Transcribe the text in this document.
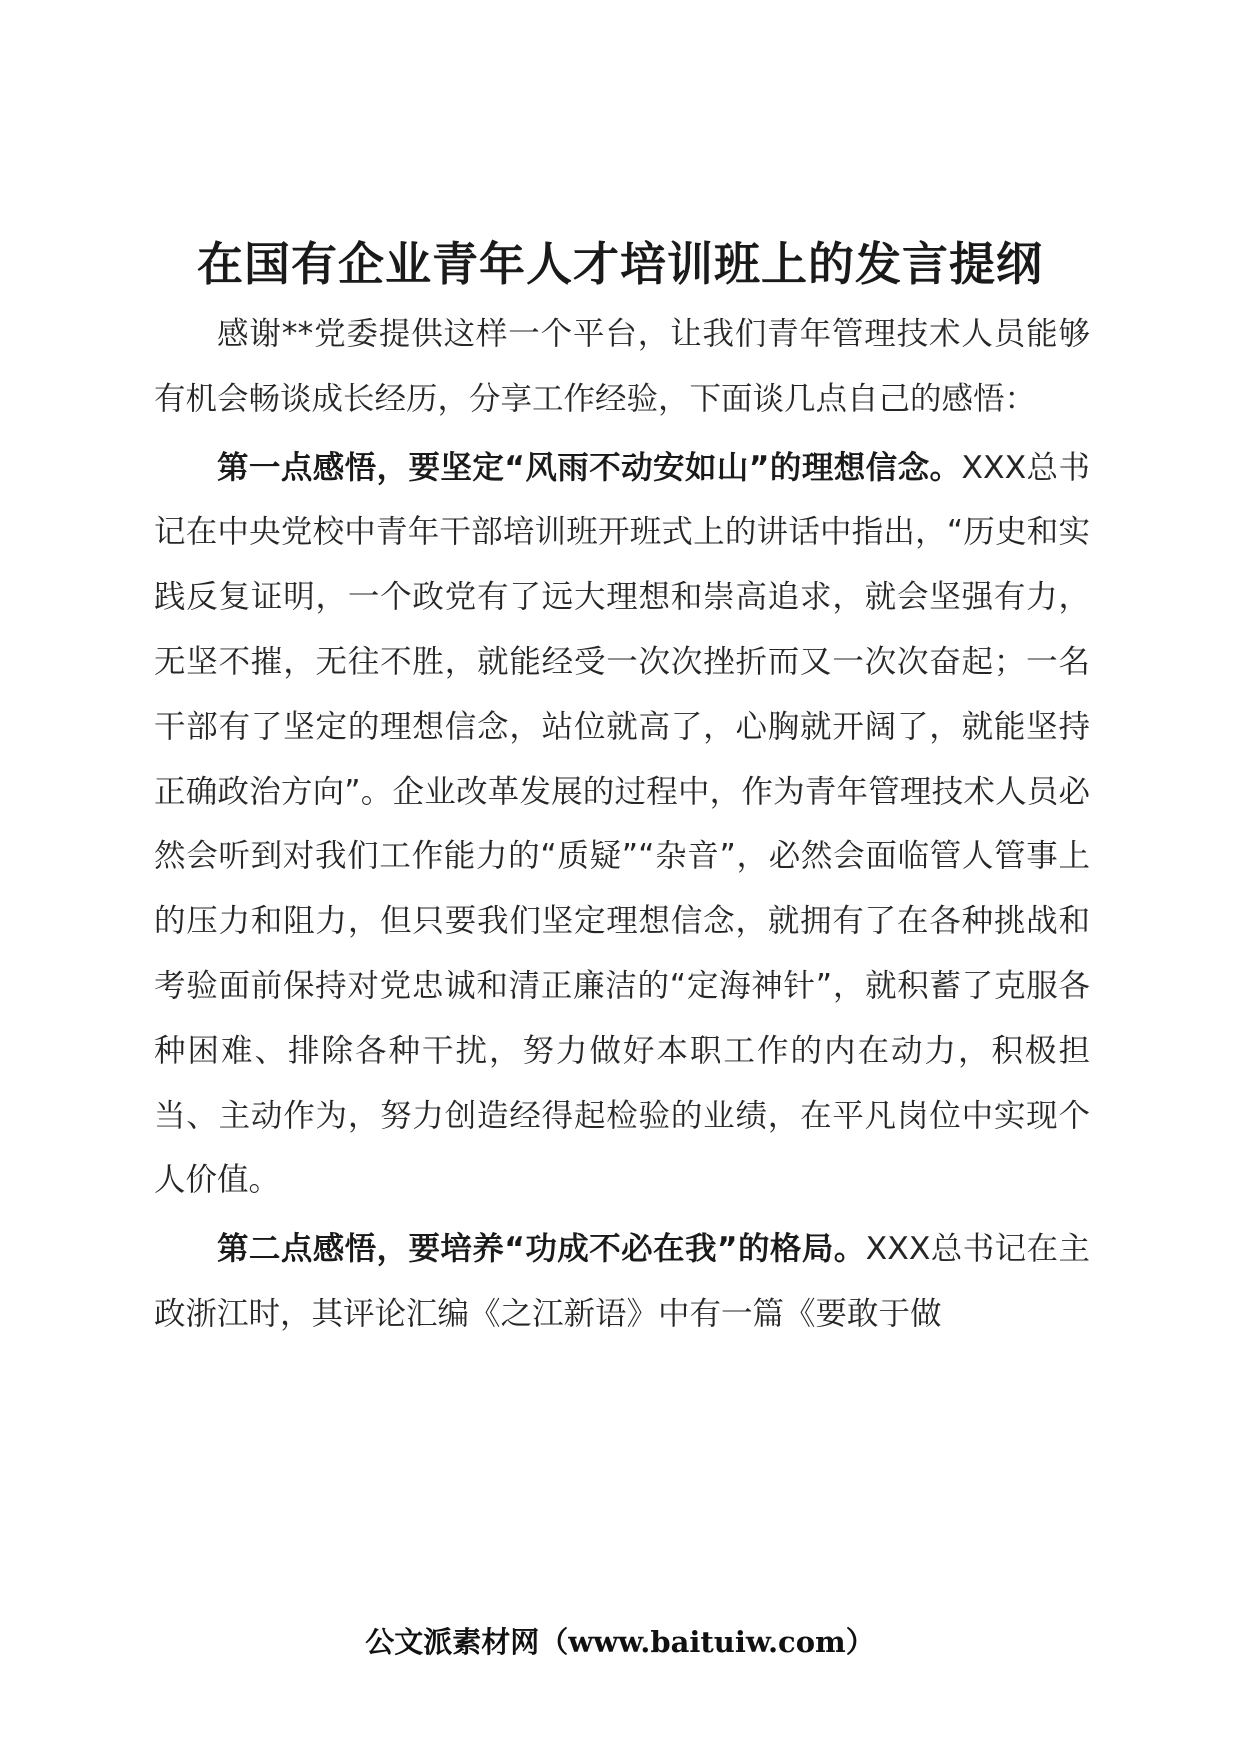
在国有企业青年人才培训班上的发言提纲

感谢**党委提供这样一个平台，让我们青年管理技术人员能够有机会畅谈成长经历，分享工作经验，下面谈几点自己的感悟：

第一点感悟，要坚定“风雨不动安如山”的理想信念。XXX总书记在中央党校中青年干部培训班开班式上的讲话中指出，“历史和实践反复证明，一个政党有了远大理想和崇高追求，就会坚强有力，无坚不摧，无往不胜，就能经受一次次挫折而又一次次奋起；一名干部有了坚定的理想信念，站位就高了，心胸就开阔了，就能坚持正确政治方向”。企业改革发展的过程中，作为青年管理技术人员必然会听到对我们工作能力的“质疑”“杂音”，必然会面临管人管事上的压力和阻力，但只要我们坚定理想信念，就拥有了在各种挑战和考验面前保持对党忠诚和清正廉洁的“定海神针”，就积蓄了克服各种困难、排除各种干扰，努力做好本职工作的内在动力，积极担当、主动作为，努力创造经得起检验的业绩，在平凡岗位中实现个人价值。

第二点感悟，要培养“功成不必在我”的格局。XXX总书记在主政浙江时，其评论汇编《之江新语》中有一篇《要敢于做

公文派素材网（www.baituiw.com）
